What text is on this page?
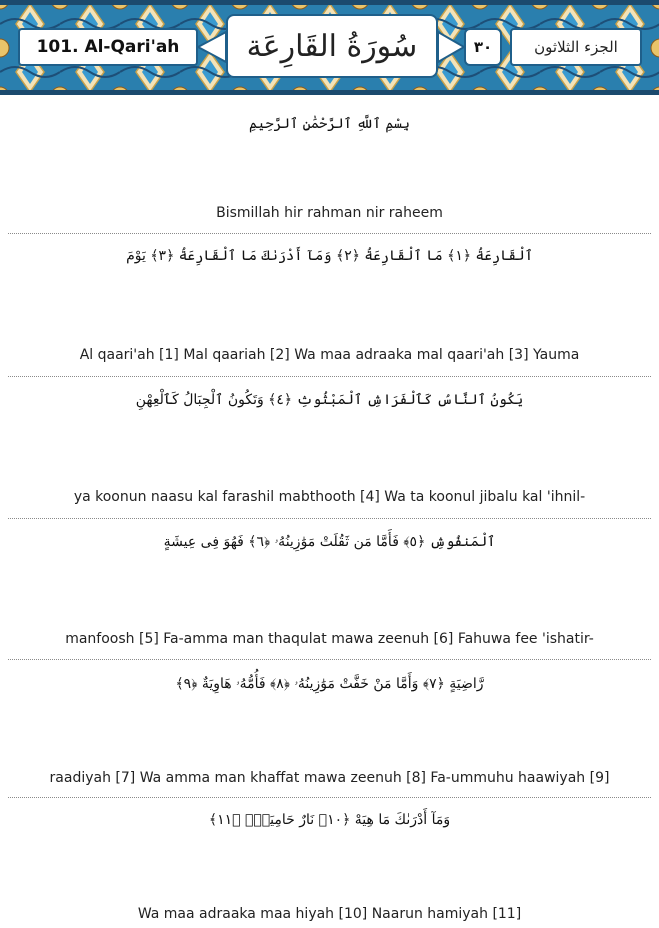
101. Al-Qari'ah	سُورَةُ القَارِعَة	٣٠	الجزء الثلاثون
بِسْمِ ٱللَّهِ ٱلرَّحْمَٰنِ ٱلرَّحِيمِ
Bismillah hir rahman nir raheem
ٱلْقَارِعَةُ ﴿١﴾ مَا ٱلْقَارِعَةُ ﴿٢﴾ وَمَآ أَدْرَىٰكَ مَا ٱلْقَارِعَةُ ﴿٣﴾ يَوْمَ
Al qaari'ah [1] Mal qaariah [2] Wa maa adraaka mal qaari'ah [3] Yauma
يَكُونُ ٱلنَّاسُ كَٱلْفَرَاشِ ٱلْمَبْثُوثِ ﴿٤﴾ وَتَكُونُ ٱلْجِبَالُ كَٱلْعِهْنِ
ya koonun naasu kal farashil mabthooth [4] Wa ta koonul jibalu kal 'ihnil-
ٱلْمَنفُوشِ ﴿٥﴾ فَأَمَّا مَن ثَقُلَتْ مَوَٰزِينُهُۥ ﴿٦﴾ فَهُوَ فِى عِيشَةٍ
manfoosh [5] Fa-amma man thaqulat mawa zeenuh [6] Fahuwa fee 'ishatir-
رَّاضِيَةٍ ﴿٧﴾ وَأَمَّا مَنْ خَفَّتْ مَوَٰزِينُهُۥ ﴿٨﴾ فَأُمُّهُۥ هَاوِيَةٌ ﴿٩﴾
raadiyah [7] Wa amma man khaffat mawa zeenuh [8] Fa-ummuhu haawiyah [9]
وَمَآ أَدْرَىٰكَ مَا هِيَهْ ﴿١٠﴾ نَارٌ حَامِيَةٌۢ ﴿١١﴾
Wa maa adraaka maa hiyah [10] Naarun hamiyah [11]
